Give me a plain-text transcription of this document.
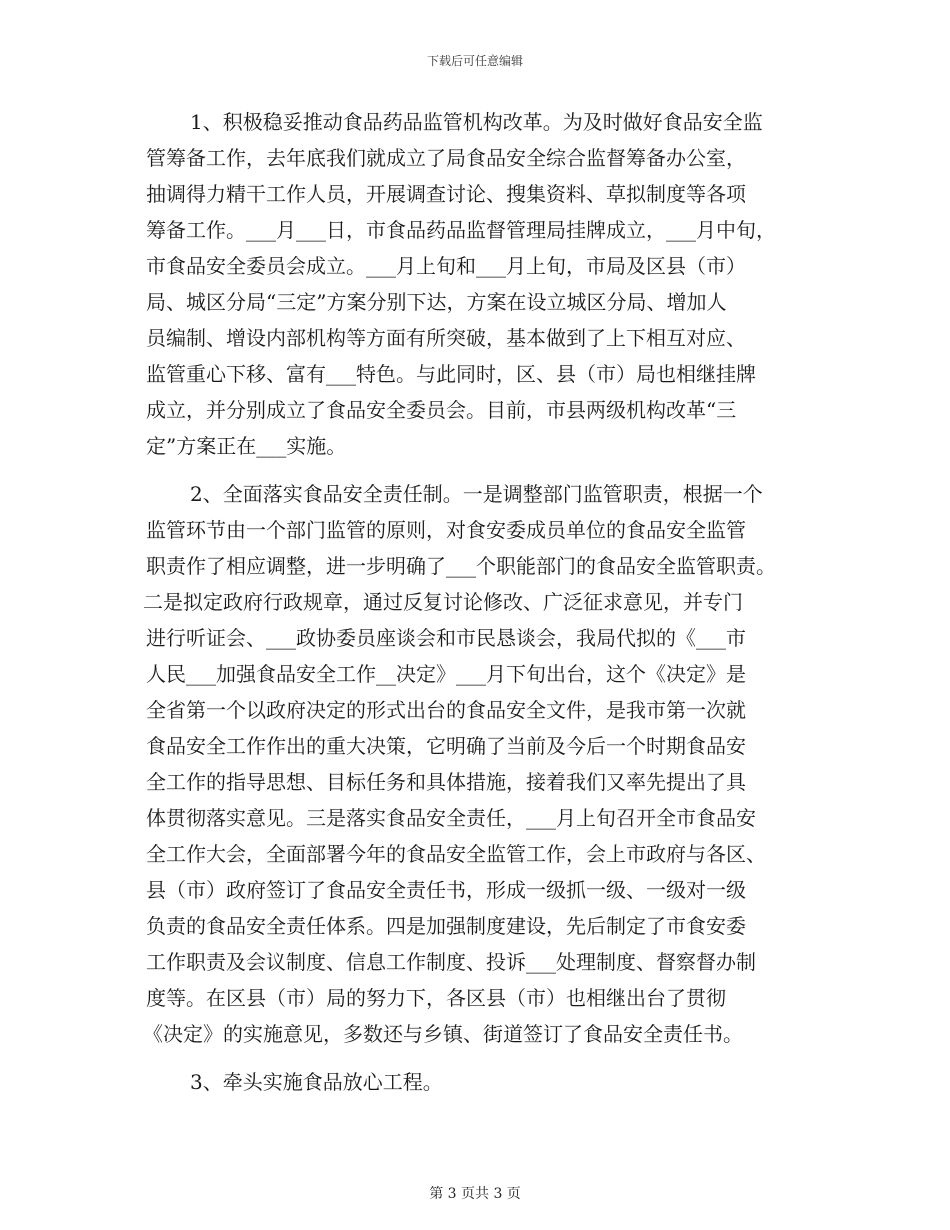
下载后可任意编辑
1、积极稳妥推动食品药品监管机构改革。为及时做好食品安全监
管筹备工作，去年底我们就成立了局食品安全综合监督筹备办公室，
抽调得力精干工作人员，开展调查讨论、搜集资料、草拟制度等各项
筹备工作。___月___日，市食品药品监督管理局挂牌成立，___月中旬，
市食品安全委员会成立。___月上旬和___月上旬，市局及区县（市）
局、城区分局“三定”方案分别下达，方案在设立城区分局、增加人
员编制、增设内部机构等方面有所突破，基本做到了上下相互对应、
监管重心下移、富有___特色。与此同时，区、县（市）局也相继挂牌
成立，并分别成立了食品安全委员会。目前，市县两级机构改革“三
定”方案正在___实施。
2、全面落实食品安全责任制。一是调整部门监管职责，根据一个
监管环节由一个部门监管的原则，对食安委成员单位的食品安全监管
职责作了相应调整，进一步明确了___个职能部门的食品安全监管职责。
二是拟定政府行政规章，通过反复讨论修改、广泛征求意见，并专门
进行听证会、___政协委员座谈会和市民恳谈会，我局代拟的《___市
人民___加强食品安全工作__决定》___月下旬出台，这个《决定》是
全省第一个以政府决定的形式出台的食品安全文件，是我市第一次就
食品安全工作作出的重大决策，它明确了当前及今后一个时期食品安
全工作的指导思想、目标任务和具体措施，接着我们又率先提出了具
体贯彻落实意见。三是落实食品安全责任，___月上旬召开全市食品安
全工作大会，全面部署今年的食品安全监管工作，会上市政府与各区、
县（市）政府签订了食品安全责任书，形成一级抓一级、一级对一级
负责的食品安全责任体系。四是加强制度建设，先后制定了市食安委
工作职责及会议制度、信息工作制度、投诉___处理制度、督察督办制
度等。在区县（市）局的努力下，各区县（市）也相继出台了贯彻
《决定》的实施意见，多数还与乡镇、街道签订了食品安全责任书。
3、牵头实施食品放心工程。
第 3 页共 3 页
